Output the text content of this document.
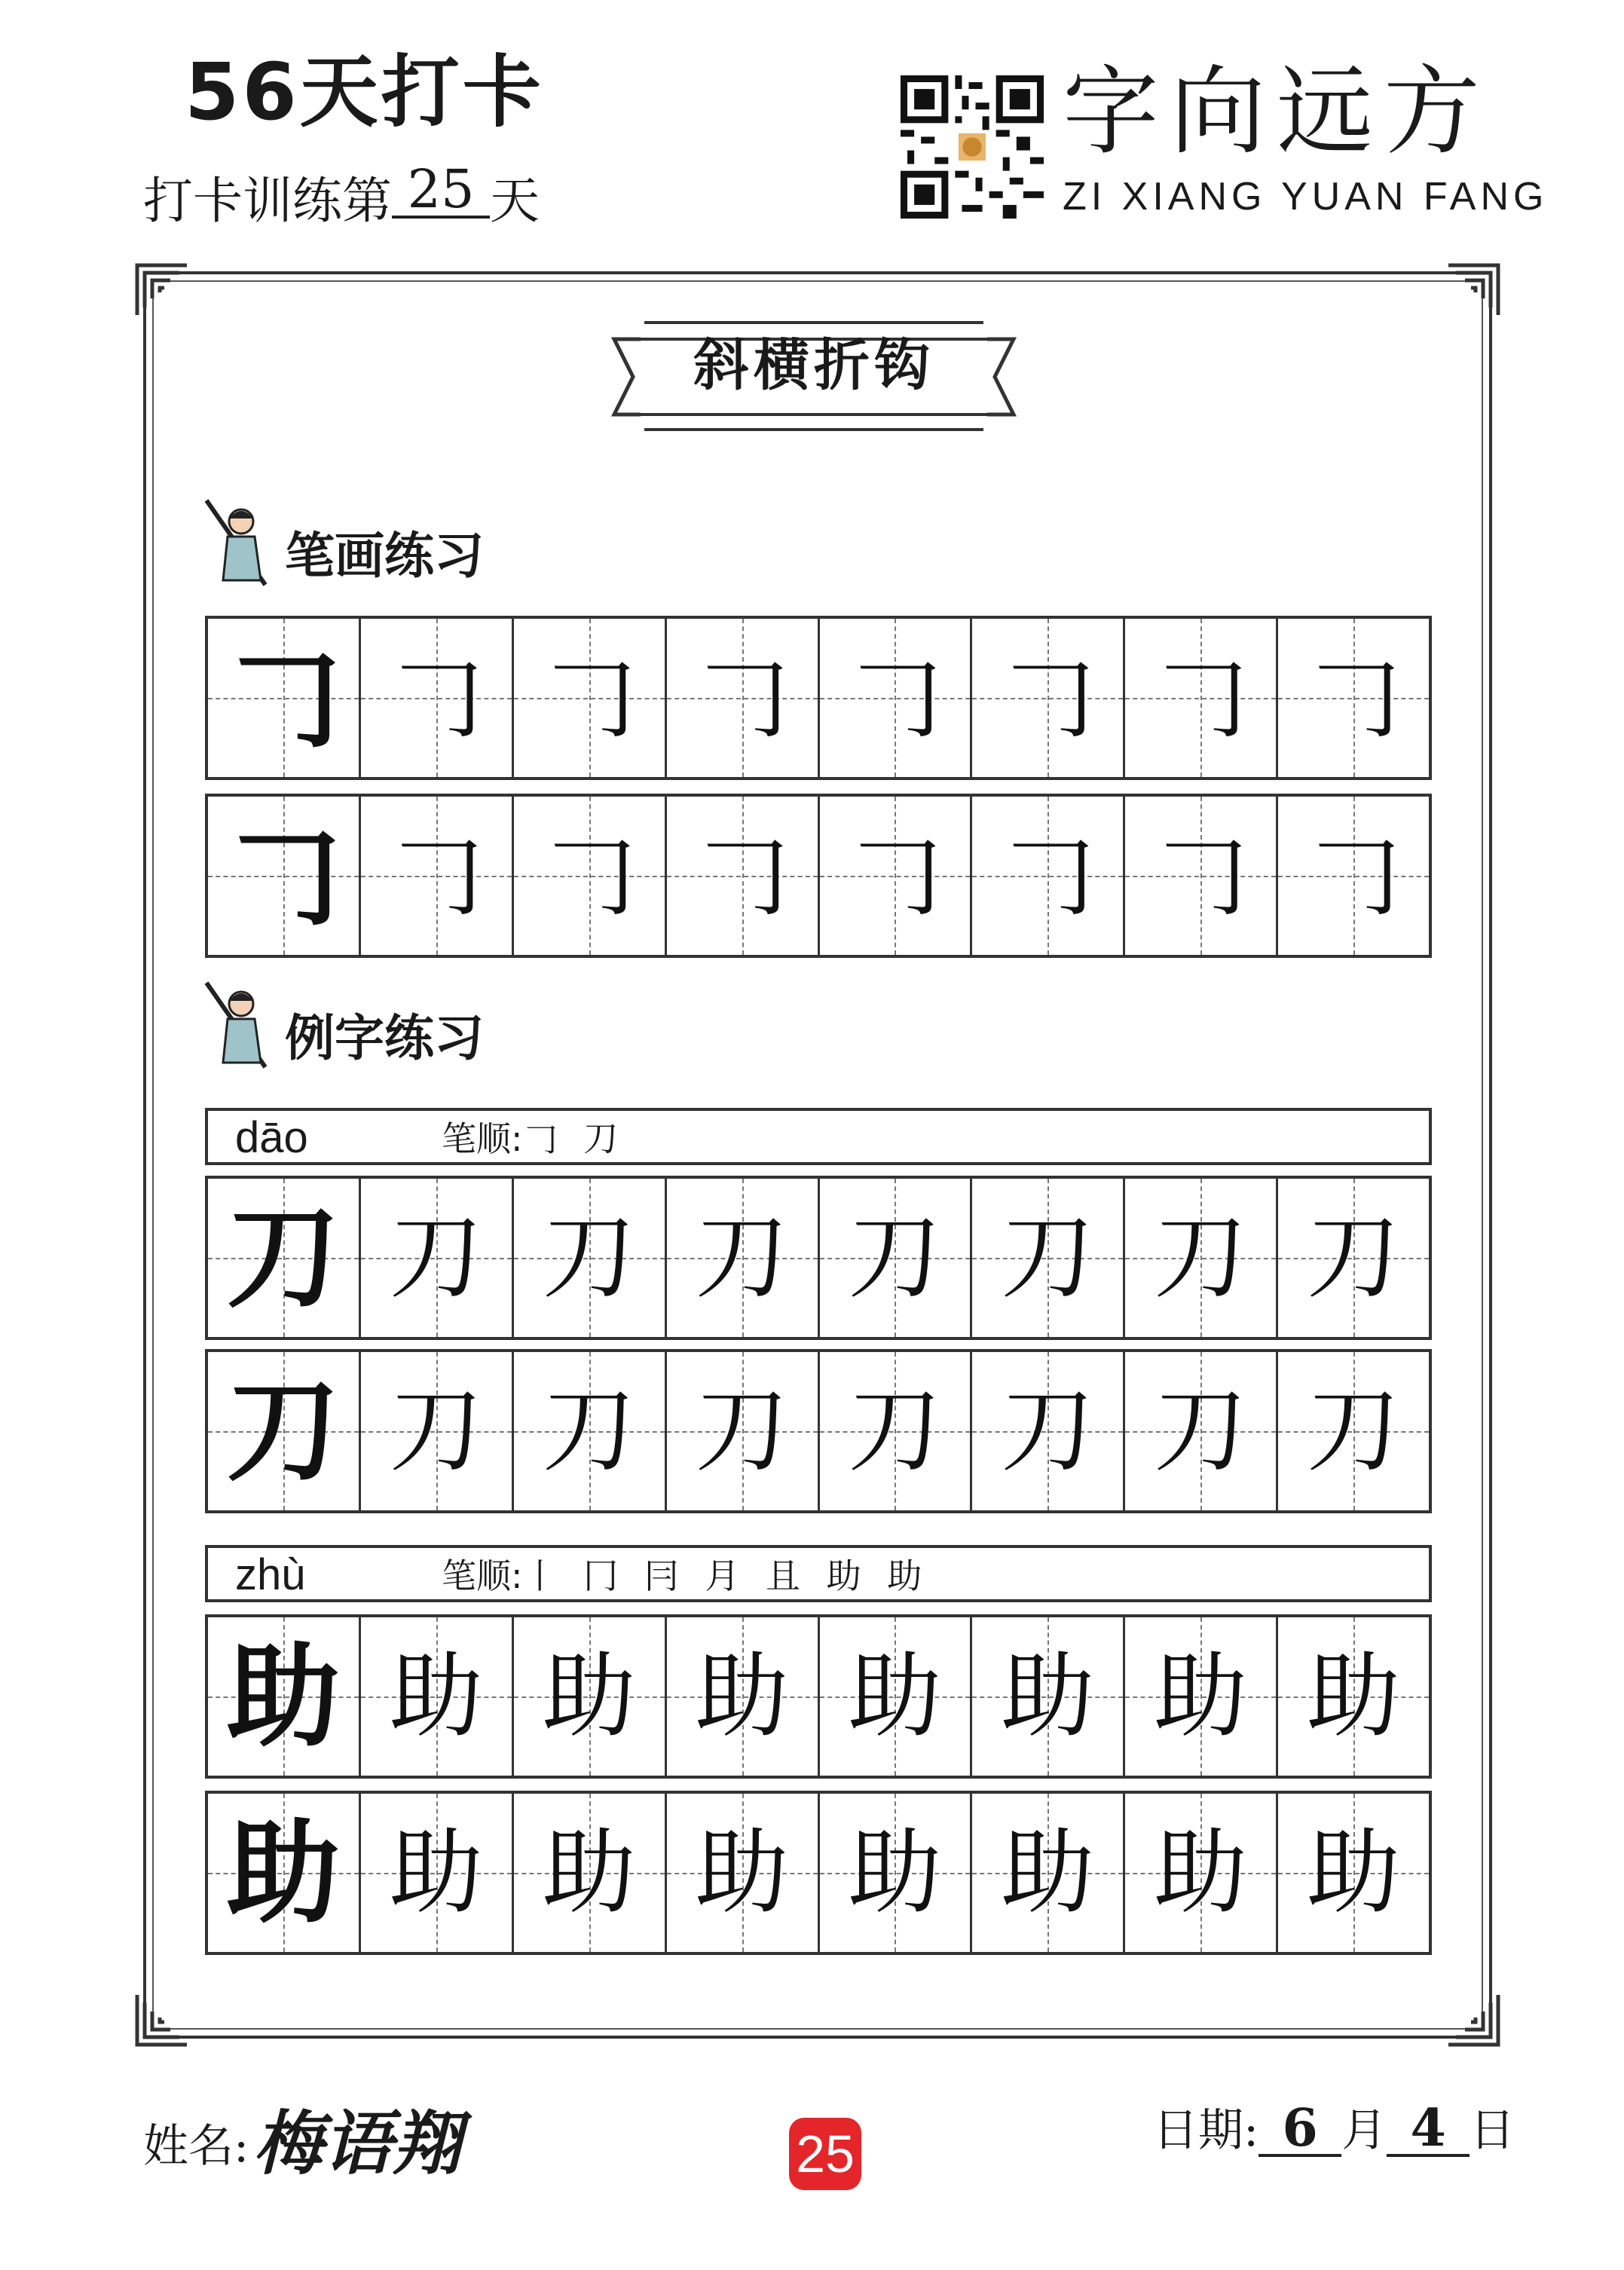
56天打卡
打卡训练第 25 天
字向远方
ZI XIANG YUAN FANG
斜横折钩
笔画练习
𠃌 𠃌 𠃌 𠃌 𠃌 𠃌 𠃌 𠃌
𠃌 𠃌 𠃌 𠃌 𠃌 𠃌 𠃌 𠃌
例字练习
dāo	笔顺:𠃌 刀
刀 刀 刀 刀 刀 刀 刀 刀
刀 刀 刀 刀 刀 刀 刀 刀
zhù	笔顺:丨 冂 冃 月 且 助 助
助 助 助 助 助 助 助 助
助 助 助 助 助 助 助 助
姓名:梅语翔	25	日期: 6 月 4 日
